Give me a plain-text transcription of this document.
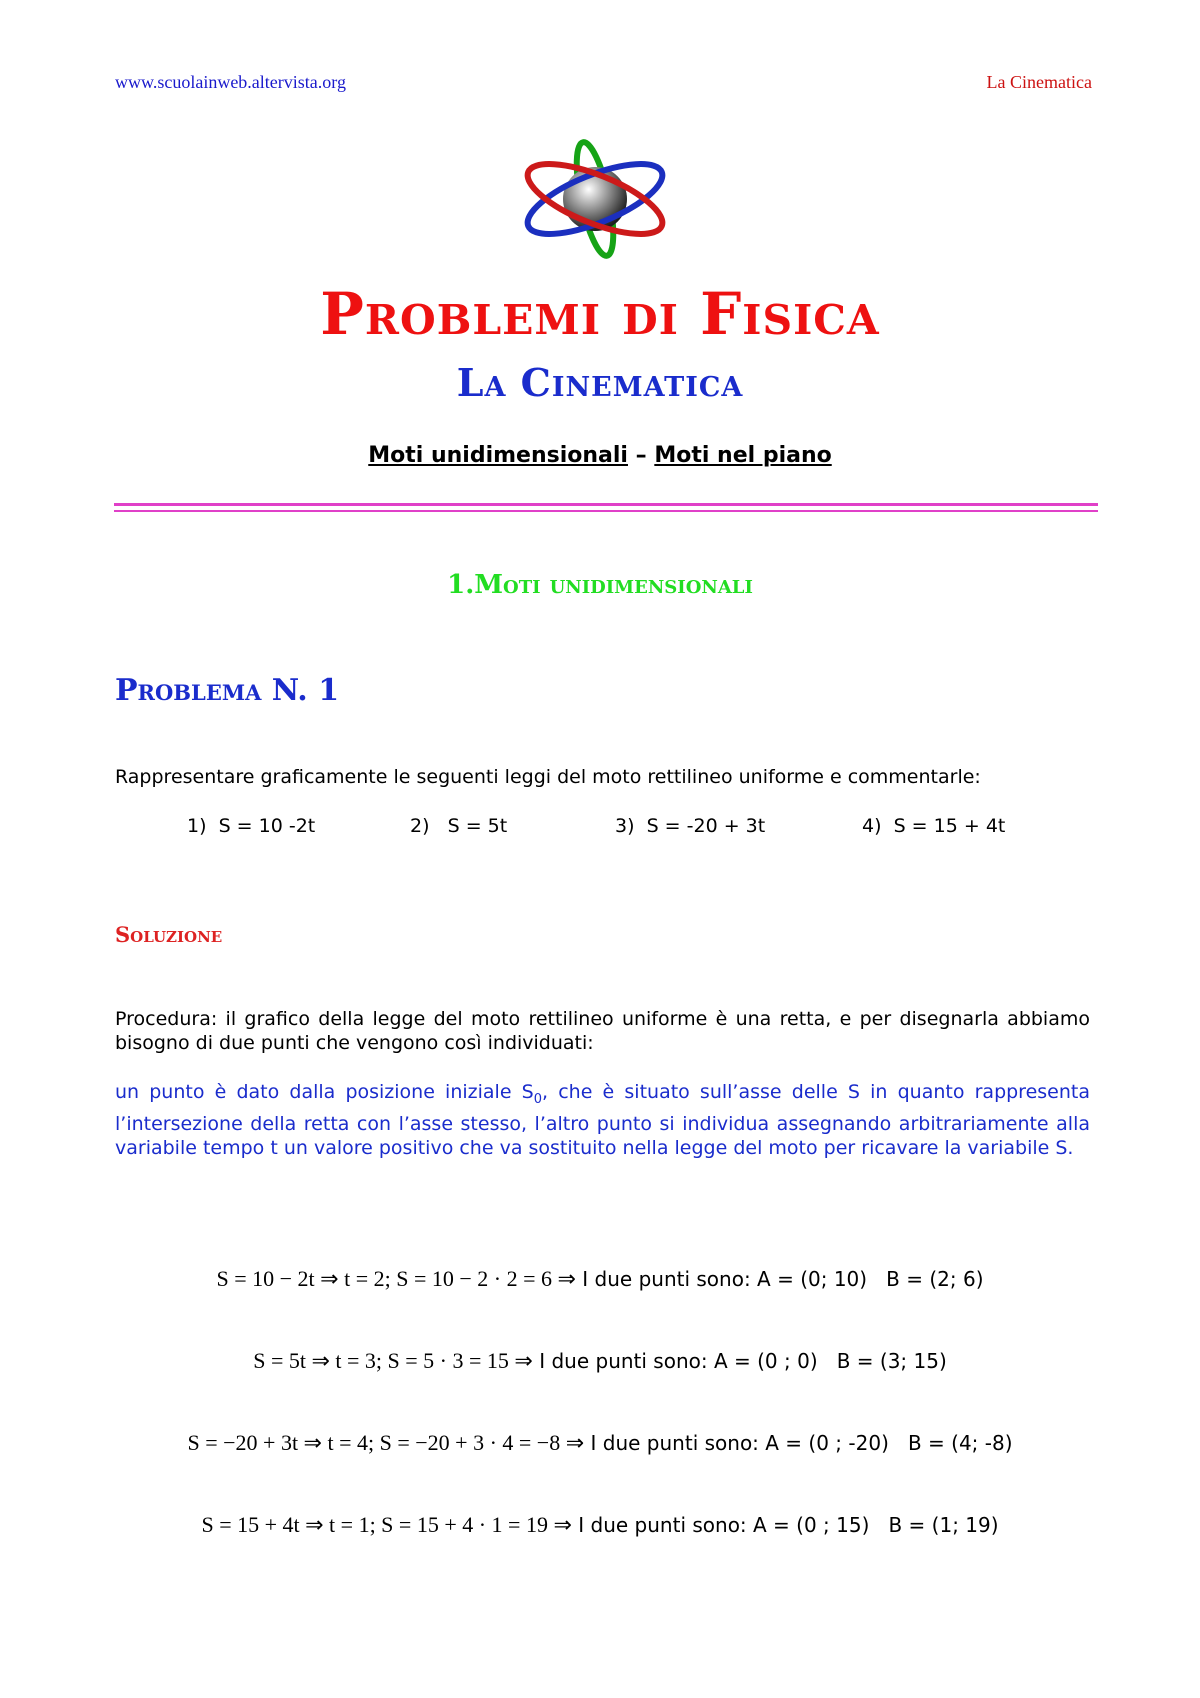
www.scuolainweb.altervista.org	La Cinematica
Problemi di Fisica
La Cinematica
Moti unidimensionali – Moti nel piano
1.Moti unidimensionali
Problema N. 1
Rappresentare graficamente le seguenti leggi del moto rettilineo uniforme e commentarle:
1)  S = 10 -2t	2)   S = 5t	3)  S = -20 + 3t	4)  S = 15 + 4t
Soluzione
Procedura: il grafico della legge del moto rettilineo uniforme è una retta, e per disegnarla abbiamo bisogno di due punti che vengono così individuati:
un punto è dato dalla posizione iniziale $S_0$, che è situato sull’asse delle S in quanto rappresenta l’intersezione della retta con l’asse stesso, l’altro punto si individua assegnando arbitrariamente alla variabile tempo t un valore positivo che va sostituito nella legge del moto per ricavare la variabile S.
S = 10 − 2t ⇒ t = 2; S = 10 − 2 · 2 = 6 ⇒ I due punti sono: A = (0; 10)   B = (2; 6)
S = 5t ⇒ t = 3; S = 5 · 3 = 15 ⇒ I due punti sono: A = (0 ; 0)   B = (3; 15)
S = −20 + 3t ⇒ t = 4; S = −20 + 3 · 4 = −8 ⇒ I due punti sono: A = (0 ; -20)   B = (4; -8)
S = 15 + 4t ⇒ t = 1; S = 15 + 4 · 1 = 19 ⇒ I due punti sono: A = (0 ; 15)   B = (1; 19)
